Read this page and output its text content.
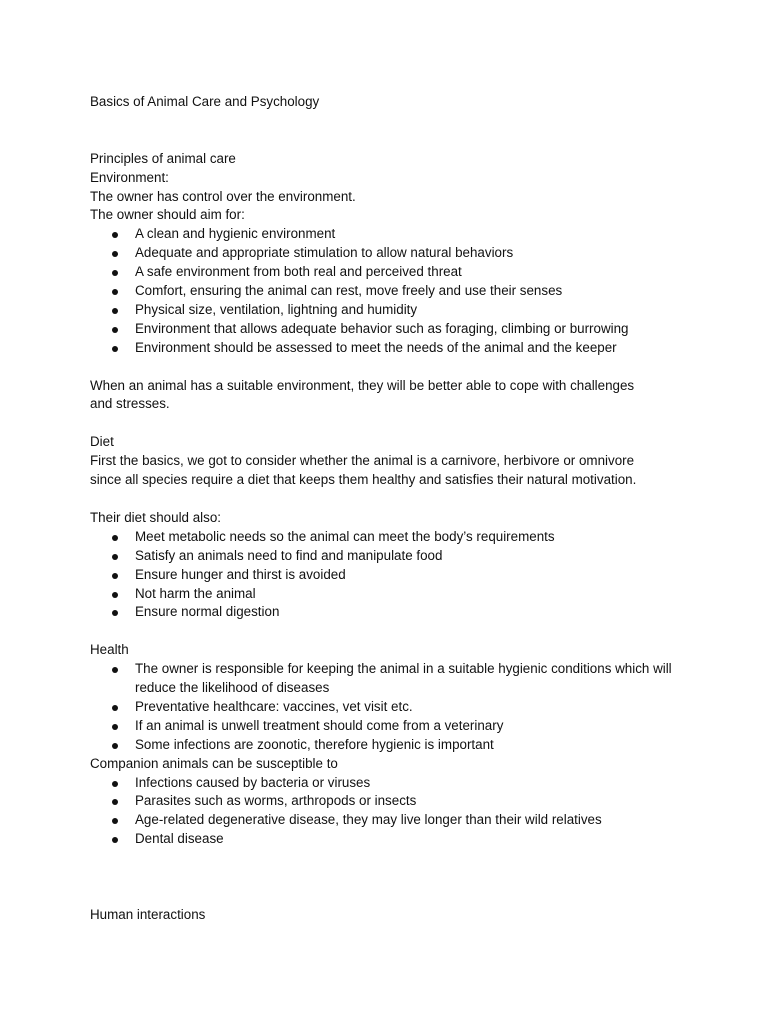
Basics of Animal Care and Psychology

Principles of animal care

Environment:

The owner has control over the environment.

The owner should aim for:

A clean and hygienic environment
Adequate and appropriate stimulation to allow natural behaviors
A safe environment from both real and perceived threat
Comfort, ensuring the animal can rest, move freely and use their senses
Physical size, ventilation, lightning and humidity
Environment that allows adequate behavior such as foraging, climbing or burrowing
Environment should be assessed to meet the needs of the animal and the keeper

When an animal has a suitable environment, they will be better able to cope with challenges

and stresses.

Diet

First the basics, we got to consider whether the animal is a carnivore, herbivore or omnivore

since all species require a diet that keeps them healthy and satisfies their natural motivation.

Their diet should also:

Meet metabolic needs so the animal can meet the body’s requirements
Satisfy an animals need to find and manipulate food
Ensure hunger and thirst is avoided
Not harm the animal
Ensure normal digestion

Health

The owner is responsible for keeping the animal in a suitable hygienic conditions which will reduce the likelihood of diseases
Preventative healthcare: vaccines, vet visit etc.
If an animal is unwell treatment should come from a veterinary
Some infections are zoonotic, therefore hygienic is important

Companion animals can be susceptible to

Infections caused by bacteria or viruses
Parasites such as worms, arthropods or insects
Age-related degenerative disease, they may live longer than their wild relatives
Dental disease

Human interactions
